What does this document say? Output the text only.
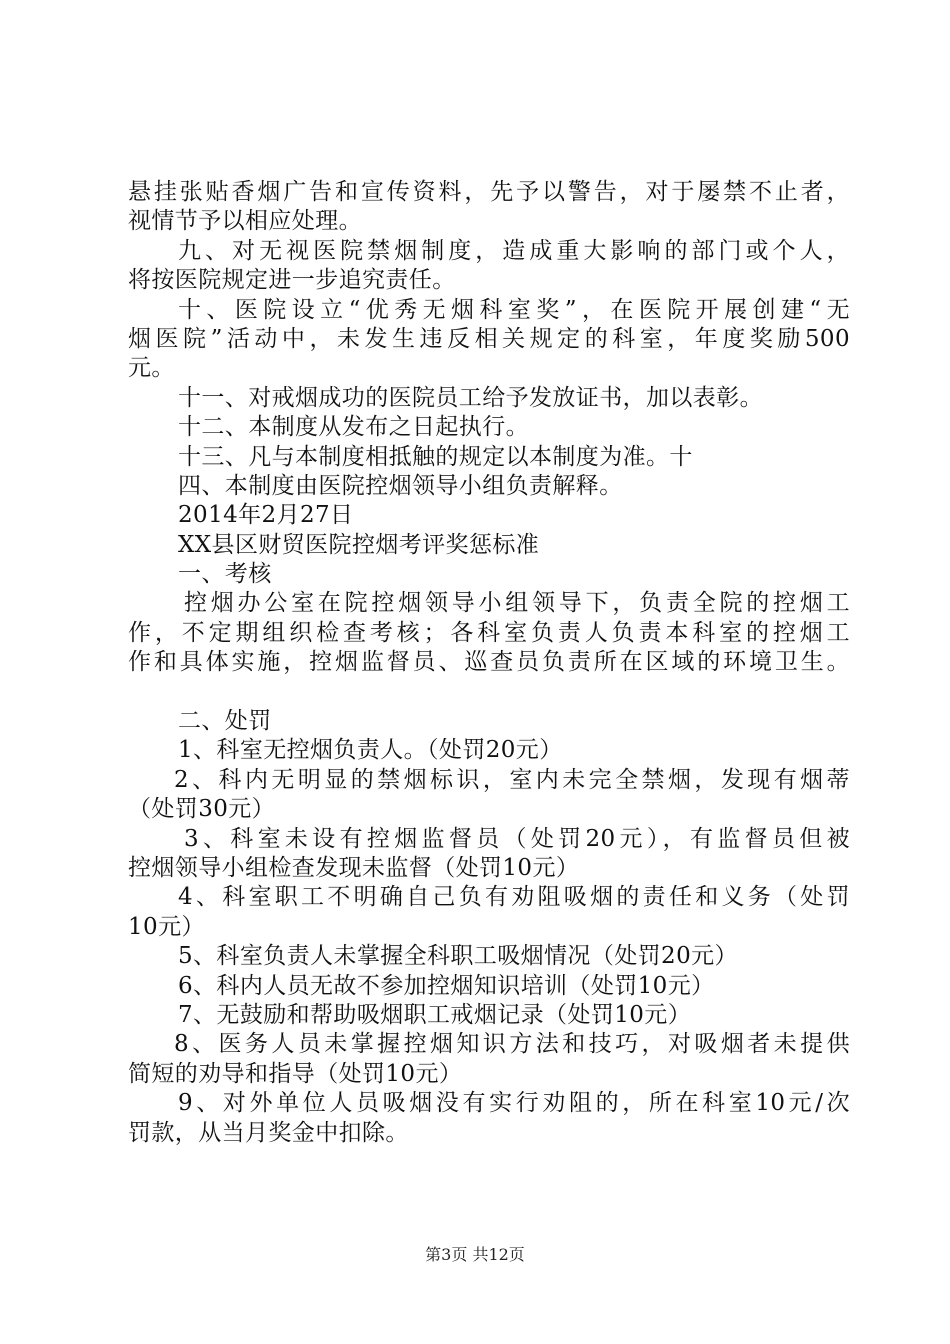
悬挂张贴香烟广告和宣传资料，先予以警告，对于屡禁不止者，
视情节予以相应处理。
九、对无视医院禁烟制度，造成重大影响的部门或个人，
将按医院规定进一步追究责任。
十、医院设立“优秀无烟科室奖”，在医院开展创建“无
烟医院”活动中，未发生违反相关规定的科室，年度奖励500
元。
十一、对戒烟成功的医院员工给予发放证书，加以表彰。
十二、本制度从发布之日起执行。
十三、凡与本制度相抵触的规定以本制度为准。十
四、本制度由医院控烟领导小组负责解释。
2014年2月27日
XX县区财贸医院控烟考评奖惩标准
一、考核
控烟办公室在院控烟领导小组领导下，负责全院的控烟工
作，不定期组织检查考核；各科室负责人负责本科室的控烟工
作和具体实施，控烟监督员、巡查员负责所在区域的环境卫生。
二、处罚
1、科室无控烟负责人。（处罚20元）
2、科内无明显的禁烟标识，室内未完全禁烟，发现有烟蒂
（处罚30元）
3、科室未设有控烟监督员（处罚20元），有监督员但被
控烟领导小组检查发现未监督（处罚10元）
4、科室职工不明确自己负有劝阻吸烟的责任和义务（处罚
10元）
5、科室负责人未掌握全科职工吸烟情况（处罚20元）
6、科内人员无故不参加控烟知识培训（处罚10元）
7、无鼓励和帮助吸烟职工戒烟记录（处罚10元）
8、医务人员未掌握控烟知识方法和技巧，对吸烟者未提供
简短的劝导和指导（处罚10元）
9、对外单位人员吸烟没有实行劝阻的，所在科室10元/次
罚款，从当月奖金中扣除。
第3页 共12页
